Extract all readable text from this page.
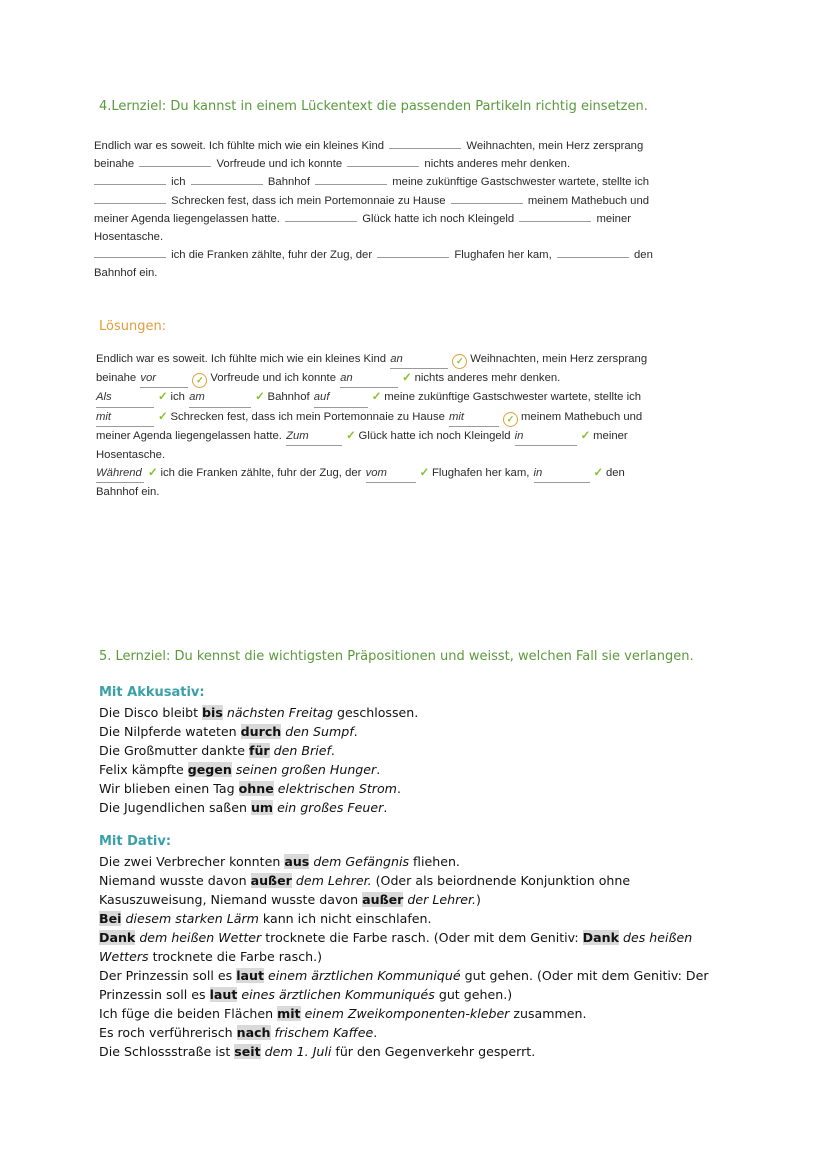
4.Lernziel: Du kannst in einem Lückentext die passenden Partikeln richtig einsetzen.
Endlich war es soweit. Ich fühlte mich wie ein kleines Kind	Weihnachten, mein Herz zersprang
beinahe	Vorfreude und ich konnte	nichts anderes mehr denken.
ich	Bahnhof	meine zukünftige Gastschwester wartete, stellte ich
Schrecken fest, dass ich mein Portemonnaie zu Hause	meinem Mathebuch und
meiner Agenda liegengelassen hatte.	Glück hatte ich noch Kleingeld	meiner
Hosentasche.
ich die Franken zählte, fuhr der Zug, der	Flughafen her kam,	den
Bahnhof ein.
Lösungen:
Endlich war es soweit. Ich fühlte mich wie ein kleines Kind an	✓ Weihnachten, mein Herz zersprang
beinahe vor	✓ Vorfreude und ich konnte an	✓ nichts anderes mehr denken.
Als	✓ ich am	✓ Bahnhof auf	✓ meine zukünftige Gastschwester wartete, stellte ich
mit	✓ Schrecken fest, dass ich mein Portemonnaie zu Hause mit	✓ meinem Mathebuch und
meiner Agenda liegengelassen hatte. Zum	✓ Glück hatte ich noch Kleingeld in	✓ meiner
Hosentasche.
Während ✓ ich die Franken zählte, fuhr der Zug, der vom	✓ Flughafen her kam, in	✓ den
Bahnhof ein.
5. Lernziel: Du kennst die wichtigsten Präpositionen und weisst, welchen Fall sie verlangen.
Mit Akkusativ:
Die Disco bleibt bis nächsten Freitag geschlossen.
Die Nilpferde wateten durch den Sumpf.
Die Großmutter dankte für den Brief.
Felix kämpfte gegen seinen großen Hunger.
Wir blieben einen Tag ohne elektrischen Strom.
Die Jugendlichen saßen um ein großes Feuer.
Mit Dativ:
Die zwei Verbrecher konnten aus dem Gefängnis fliehen.
Niemand wusste davon außer dem Lehrer. (Oder als beiordnende Konjunktion ohne Kasuszuweisung, Niemand wusste davon außer der Lehrer.)
Bei diesem starken Lärm kann ich nicht einschlafen.
Dank dem heißen Wetter trocknete die Farbe rasch. (Oder mit dem Genitiv: Dank des heißen Wetters trocknete die Farbe rasch.)
Der Prinzessin soll es laut einem ärztlichen Kommuniqué gut gehen. (Oder mit dem Genitiv: Der Prinzessin soll es laut eines ärztlichen Kommuniqués gut gehen.)
Ich füge die beiden Flächen mit einem Zweikomponenten-kleber zusammen.
Es roch verführerisch nach frischem Kaffee.
Die Schlossstraße ist seit dem 1. Juli für den Gegenverkehr gesperrt.
